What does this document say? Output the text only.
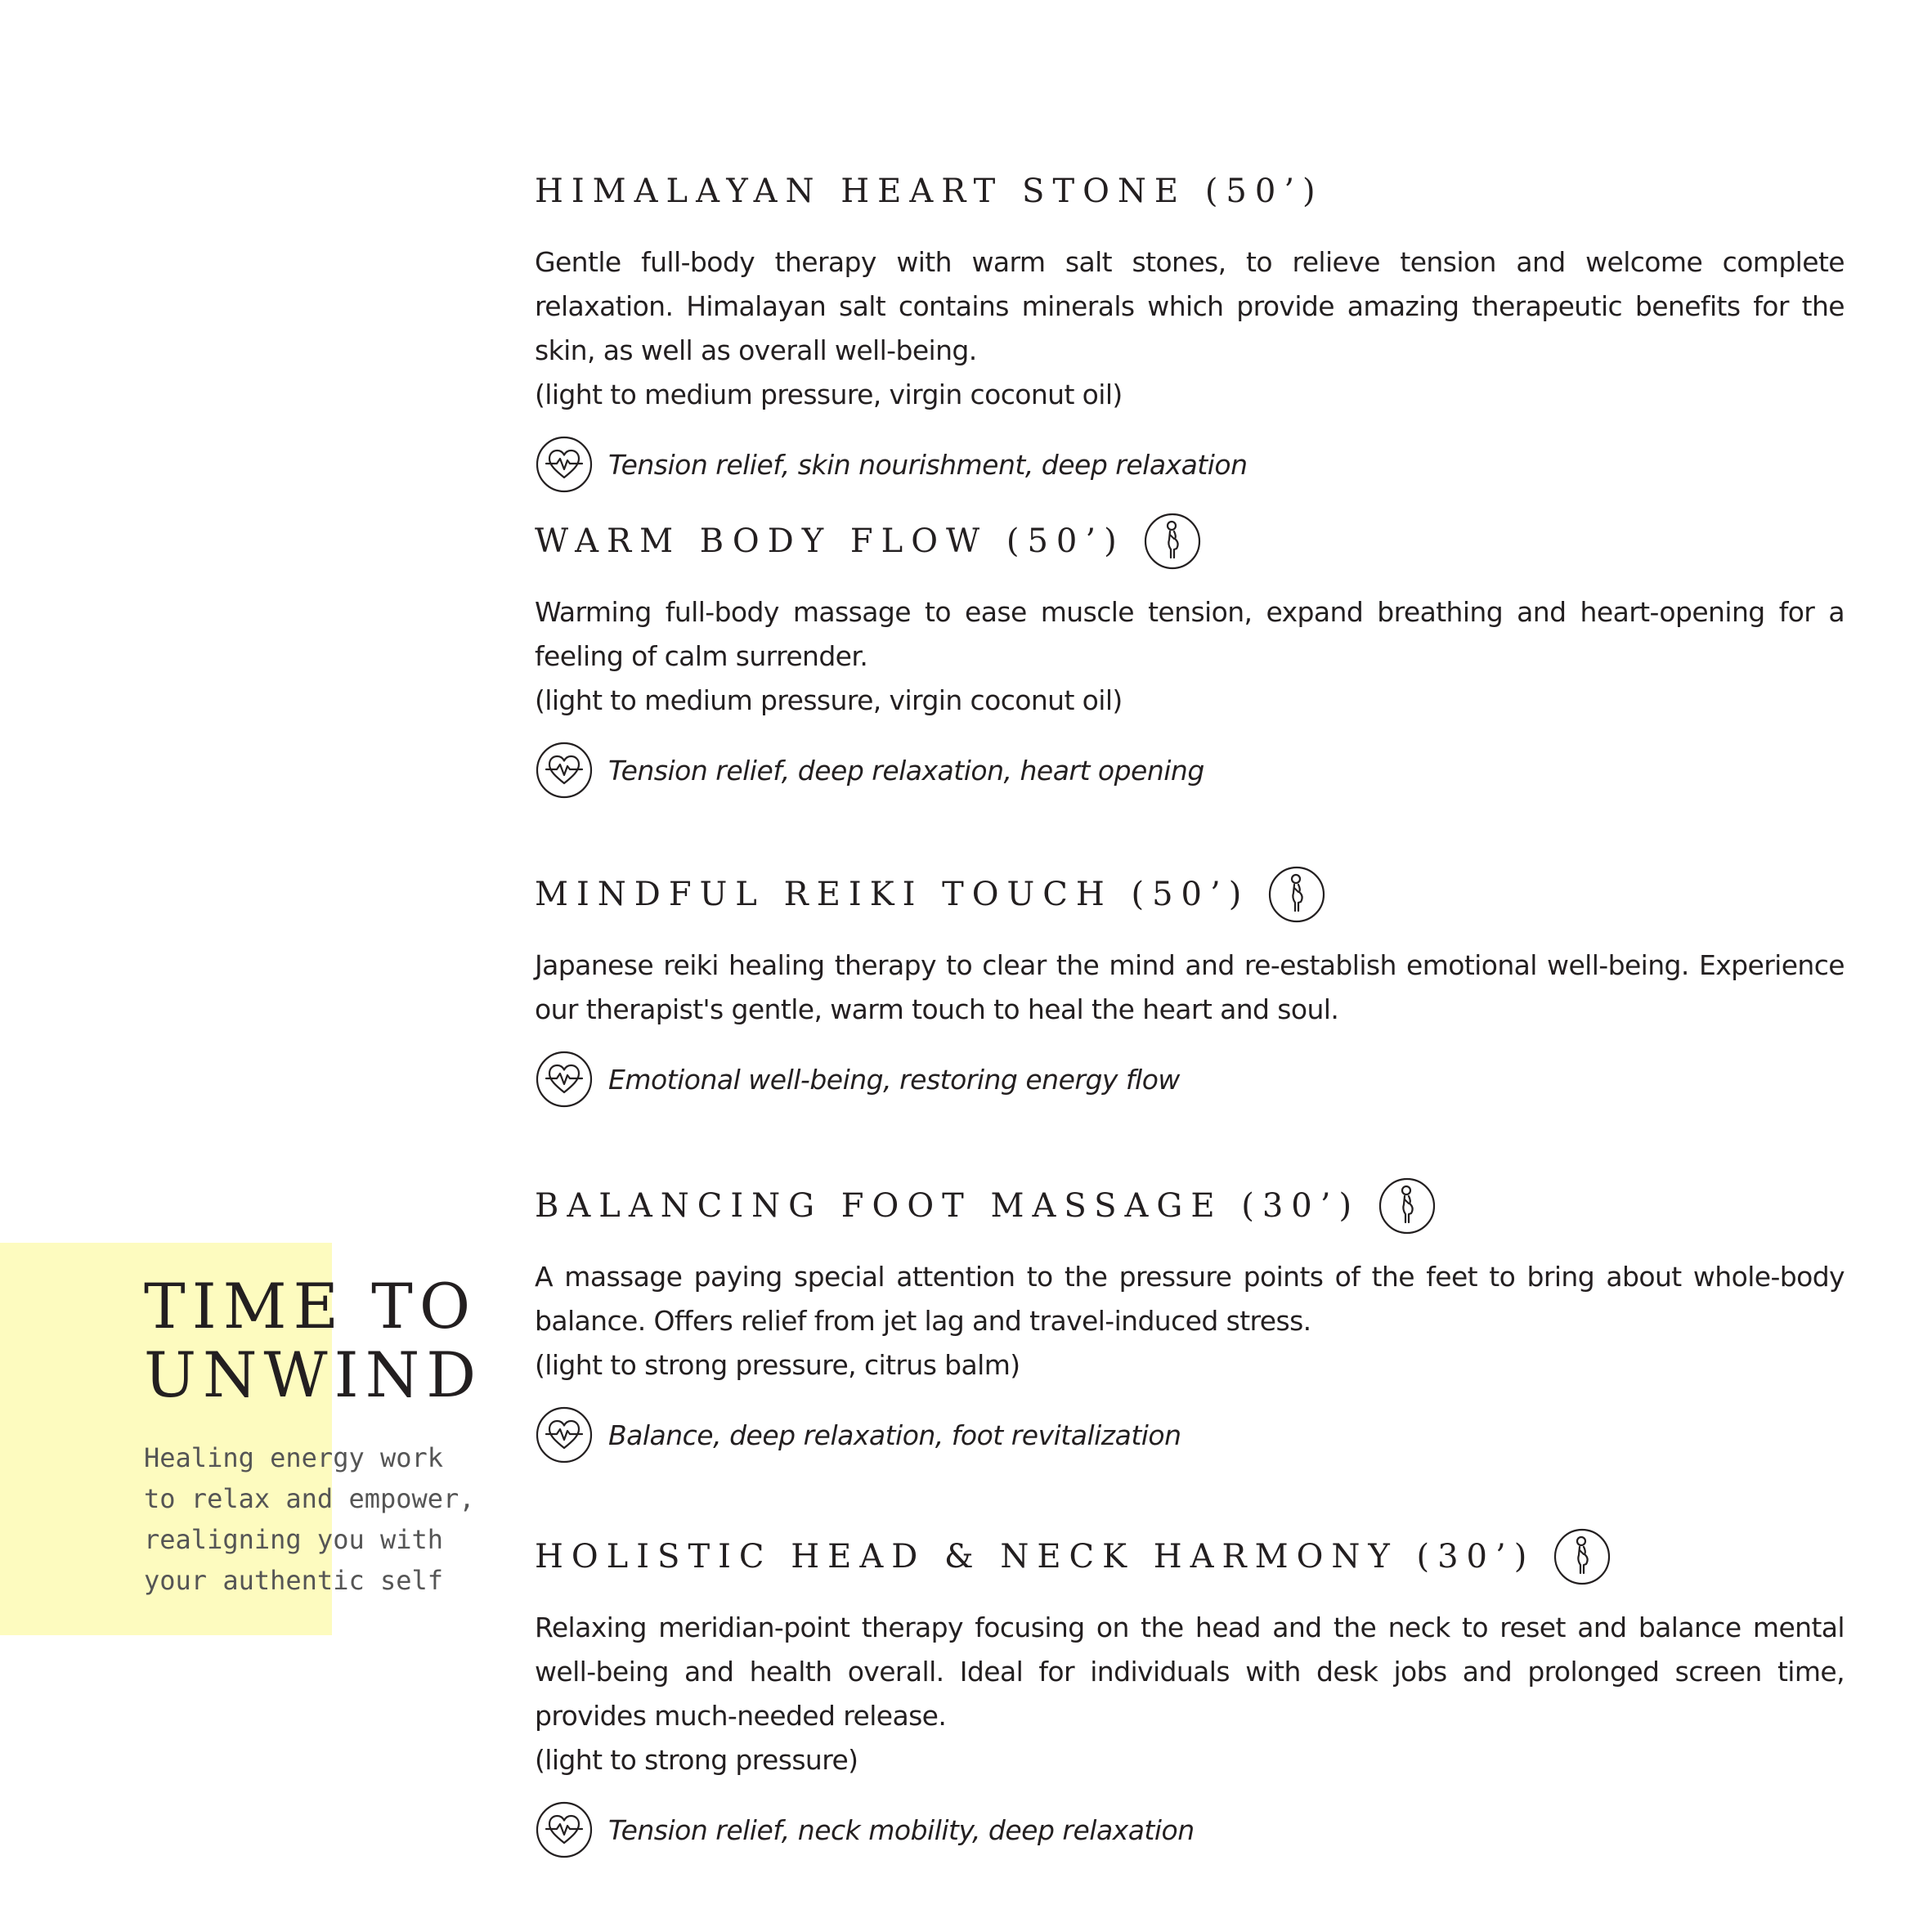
TIME TO
UNWIND
Healing energy work
to relax and empower,
realigning you with
your authentic self
HIMALAYAN HEART STONE (50’)

Gentle full-body therapy with warm salt stones, to relieve tension and welcome complete relaxation. Himalayan salt contains minerals which provide amazing therapeutic benefits for the skin, as well as overall well-being.

(light to medium pressure, virgin coconut oil)

Tension relief, skin nourishment, deep relaxation
WARM BODY FLOW (50’)

Warming full-body massage to ease muscle tension, expand breathing and heart-opening for a feeling of calm surrender.

(light to medium pressure, virgin coconut oil)

Tension relief, deep relaxation, heart opening
MINDFUL REIKI TOUCH (50’)

Japanese reiki healing therapy to clear the mind and re-establish emotional well-being. Experience our therapist's gentle, warm touch to heal the heart and soul.

Emotional well-being, restoring energy flow
BALANCING FOOT MASSAGE (30’)

A massage paying special attention to the pressure points of the feet to bring about whole-body balance. Offers relief from jet lag and travel-induced stress.

(light to strong pressure, citrus balm)

Balance, deep relaxation, foot revitalization
HOLISTIC HEAD & NECK HARMONY (30’)

Relaxing meridian-point therapy focusing on the head and the neck to reset and balance mental well-being and health overall. Ideal for individuals with desk jobs and prolonged screen time, provides much-needed release.

(light to strong pressure)

Tension relief, neck mobility, deep relaxation
